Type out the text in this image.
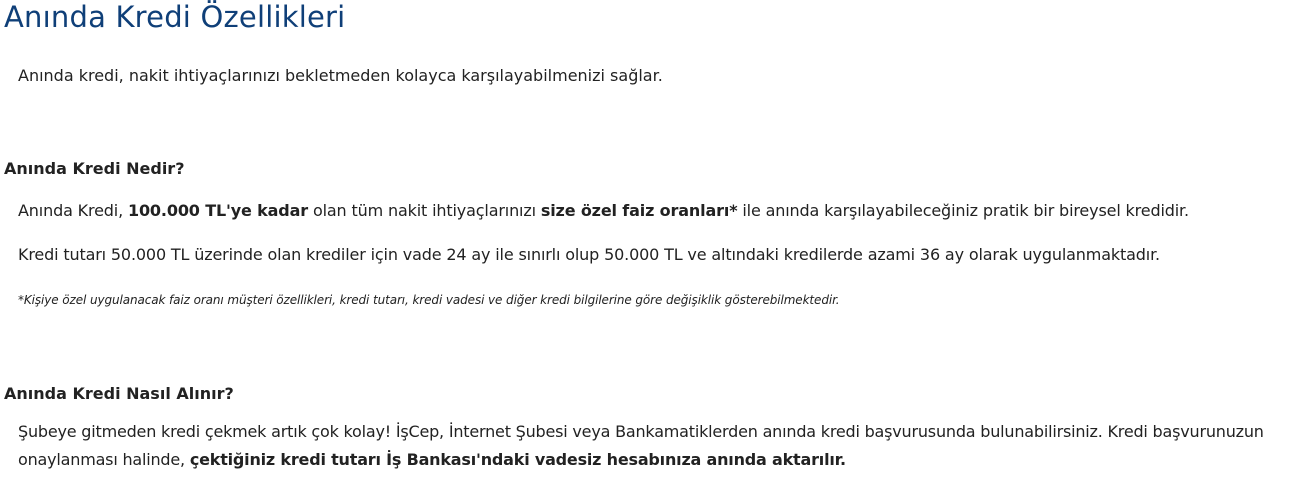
Anında Kredi Özellikleri

Anında kredi, nakit ihtiyaçlarınızı bekletmeden kolayca karşılayabilmenizi sağlar.

Anında Kredi Nedir?

Anında Kredi, 100.000 TL'ye kadar olan tüm nakit ihtiyaçlarınızı size özel faiz oranları* ile anında karşılayabileceğiniz pratik bir bireysel kredidir.

Kredi tutarı 50.000 TL üzerinde olan krediler için vade 24 ay ile sınırlı olup 50.000 TL ve altındaki kredilerde azami 36 ay olarak uygulanmaktadır.

*Kişiye özel uygulanacak faiz oranı müşteri özellikleri, kredi tutarı, kredi vadesi ve diğer kredi bilgilerine göre değişiklik gösterebilmektedir.

Anında Kredi Nasıl Alınır?

Şubeye gitmeden kredi çekmek artık çok kolay! İşCep, İnternet Şubesi veya Bankamatiklerden anında kredi başvurusunda bulunabilirsiniz. Kredi başvurunuzun onaylanması halinde, çektiğiniz kredi tutarı İş Bankası'ndaki vadesiz hesabınıza anında aktarılır.
